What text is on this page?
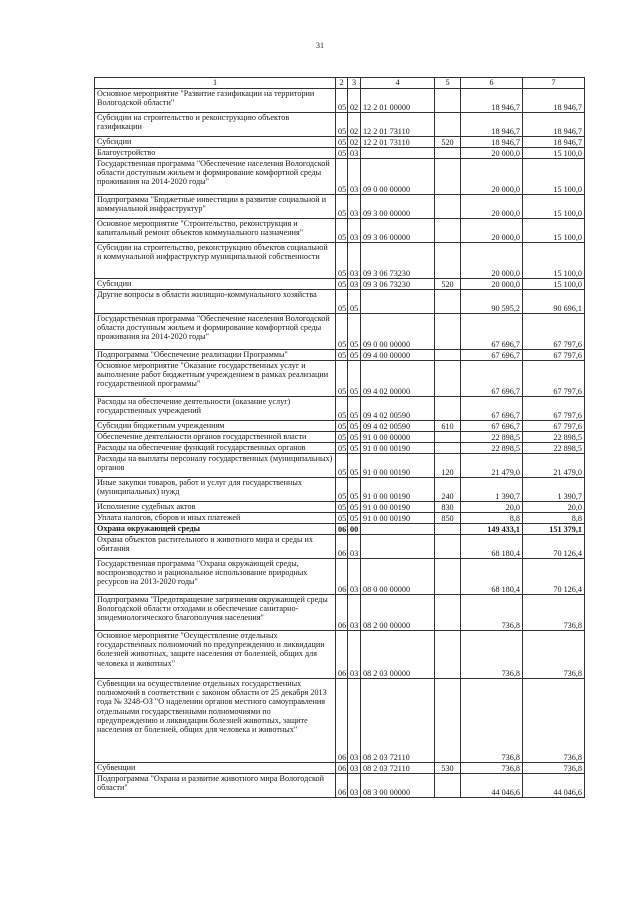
31
1	2	3	4	5	6	7
Основное мероприятие "Развитие газификации на территории Вологодской области"	05	02	12 2 01 00000		18 946,7	18 946,7
Субсидии на строительство и реконструкцию объектов газификации	05	02	12 2 01 73110		18 946,7	18 946,7
Субсидии	05	02	12 2 01 73110	520	18 946,7	18 946,7
Благоустройство	05	03			20 000,0	15 100,0
Государственная программа "Обеспечение населения Вологодской области доступным жильем и формирование комфортной среды проживания на 2014-2020 годы"	05	03	09 0 00 00000		20 000,0	15 100,0
Подпрограмма "Бюджетные инвестиции в развитие социальной и коммунальной инфраструктур"	05	03	09 3 00 00000		20 000,0	15 100,0
Основное мероприятие "Строительство, реконструкция и капитальный ремонт объектов коммунального назначения"	05	03	09 3 06 00000		20 000,0	15 100,0
Субсидии на строительство, реконструкцию объектов социальной и коммунальной инфраструктур муниципальной собственности	05	03	09 3 06 73230		20 000,0	15 100,0
Субсидии	05	03	09 3 06 73230	520	20 000,0	15 100,0
Другие вопросы в области жилищно-коммунального хозяйства	05	05			90 595,2	90 696,1
Государственная программа "Обеспечение населения Вологодской области доступным жильем и формирование комфортной среды проживания на 2014-2020 годы"	05	05	09 0 00 00000		67 696,7	67 797,6
Подпрограмма "Обеспечение реализации Программы"	05	05	09 4 00 00000		67 696,7	67 797,6
Основное мероприятие "Оказание государственных услуг и выполнение работ бюджетным учреждением в рамках реализации государственной программы"	05	05	09 4 02 00000		67 696,7	67 797,6
Расходы на обеспечение деятельности (оказание услуг) государственных учреждений	05	05	09 4 02 00590		67 696,7	67 797,6
Субсидии бюджетным учреждениям	05	05	09 4 02 00590	610	67 696,7	67 797,6
Обеспечение деятельности органов государственной власти	05	05	91 0 00 00000		22 898,5	22 898,5
Расходы на обеспечение функций государственных органов	05	05	91 0 00 00190		22 898,5	22 898,5
Расходы на выплаты персоналу государственных (муниципальных) органов	05	05	91 0 00 00190	120	21 479,0	21 479,0
Иные закупки товаров, работ и услуг для государственных (муниципальных) нужд	05	05	91 0 00 00190	240	1 390,7	1 390,7
Исполнение судебных актов	05	05	91 0 00 00190	830	20,0	20,0
Уплата налогов, сборов и иных платежей	05	05	91 0 00 00190	850	8,8	8,8
Охрана окружающей среды	06	00			149 433,1	151 379,1
Охрана объектов растительного и животного мира и среды их обитания	06	03			68 180,4	70 126,4
Государственная программа "Охрана окружающей среды, воспроизводство и рациональное использование природных ресурсов на 2013-2020 годы"	06	03	08 0 00 00000		68 180,4	70 126,4
Подпрограмма "Предотвращение загрязнения окружающей среды Вологодской области отходами и обеспечение санитарно-эпидемиологического благополучия населения"	06	03	08 2 00 00000		736,8	736,8
Основное мероприятие "Осуществление отдельных государственных полномочий по предупреждению и ликвидации болезней животных, защите населения от болезней, общих для человека и животных"	06	03	08 2 03 00000		736,8	736,8
Субвенции на осуществление отдельных государственных полномочий в соответствии с законом области от 25 декабря 2013 года № 3248-ОЗ "О наделении органов местного самоуправления отдельными государственными полномочиями по предупреждению и ликвидации болезней животных, защите населения от болезней, общих для человека и животных"	06	03	08 2 03 72110		736,8	736,8
Субвенции	06	03	08 2 03 72110	530	736,8	736,8
Подпрограмма "Охрана и развитие животного мира Вологодской области"	06	03	08 3 00 00000		44 046,6	44 046,6
